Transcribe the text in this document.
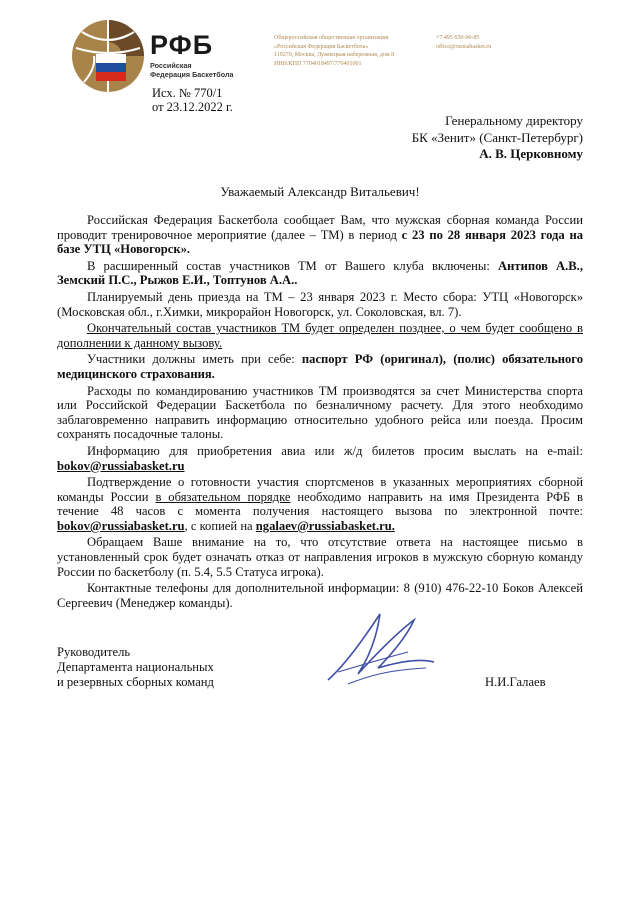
РФБ
Российская
Федерация Баскетбола
Общероссийская общественная организация
«Российская Федерация Баскетбола»
119270, Москва, Лужнецкая набережная, дом 8
ИНН/КПП 7704018497/770401001
+7 495 650-90-85
office@russiabasket.ru
Исх. № 770/1
от 23.12.2022 г.
Генеральному директору
БК «Зенит» (Санкт-Петербург)
А. В. Церковному
Уважаемый Александр Витальевич!

Российская Федерация Баскетбола сообщает Вам, что мужская сборная команда России проводит тренировочное мероприятие (далее – ТМ) в период с 23 по 28 января 2023 года на базе УТЦ «Новогорск».

В расширенный состав участников ТМ от Вашего клуба включены: Антипов А.В., Земский П.С., Рыжов Е.И., Топтунов А.А..

Планируемый день приезда на ТМ – 23 января 2023 г. Место сбора: УТЦ «Новогорск» (Московская обл., г.Химки, микрорайон Новогорск, ул. Соколовская, вл. 7).

Окончательный состав участников ТМ будет определен позднее, о чем будет сообщено в дополнении к данному вызову.

Участники должны иметь при себе: паспорт РФ (оригинал), (полис) обязательного медицинского страхования.

Расходы по командированию участников ТМ производятся за счет Министерства спорта или Российской Федерации Баскетбола по безналичному расчету. Для этого необходимо заблаговременно направить информацию относительно удобного рейса или поезда. Просим сохранять посадочные талоны.

Информацию для приобретения авиа или ж/д билетов просим выслать на e-mail: bokov@russiabasket.ru

Подтверждение о готовности участия спортсменов в указанных мероприятиях сборной команды России в обязательном порядке необходимо направить на имя Президента РФБ в течение 48 часов с момента получения настоящего вызова по электронной почте: bokov@russiabasket.ru, с копией на ngalaev@russiabasket.ru.

Обращаем Ваше внимание на то, что отсутствие ответа на настоящее письмо в установленный срок будет означать отказ от направления игроков в мужскую сборную команду России по баскетболу (п. 5.4, 5.5 Статуса игрока).

Контактные телефоны для дополнительной информации: 8 (910) 476-22-10 Боков Алексей Сергеевич (Менеджер команды).

Руководитель
Департамента национальных
и резервных сборных команд	Н.И.Галаев
